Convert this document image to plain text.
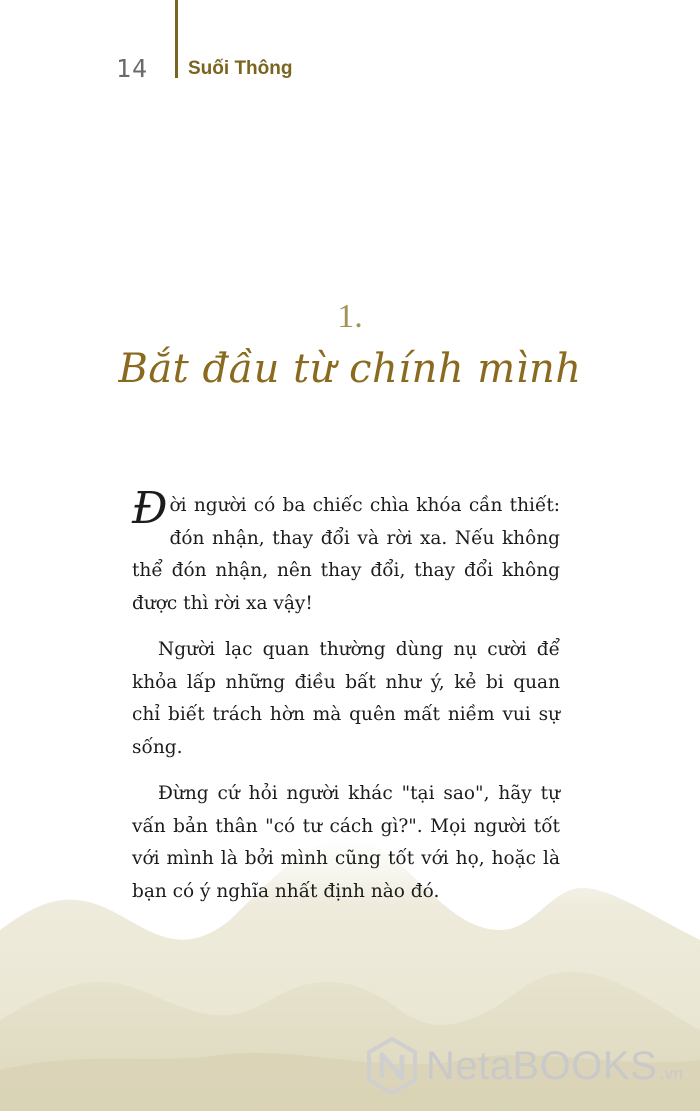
14 Suối Thông
1.
Bắt đầu từ chính mình

Đời người có ba chiếc chìa khóa cần thiết: đón nhận, thay đổi và rời xa. Nếu không thể đón nhận, nên thay đổi, thay đổi không được thì rời xa vậy!

Người lạc quan thường dùng nụ cười để khỏa lấp những điều bất như ý, kẻ bi quan chỉ biết trách hờn mà quên mất niềm vui sự sống.

Đừng cứ hỏi người khác "tại sao", hãy tự vấn bản thân "có tư cách gì?". Mọi người tốt với mình là bởi mình cũng tốt với họ, hoặc là bạn có ý nghĩa nhất định nào đó.

NetaBOOKS .vn
